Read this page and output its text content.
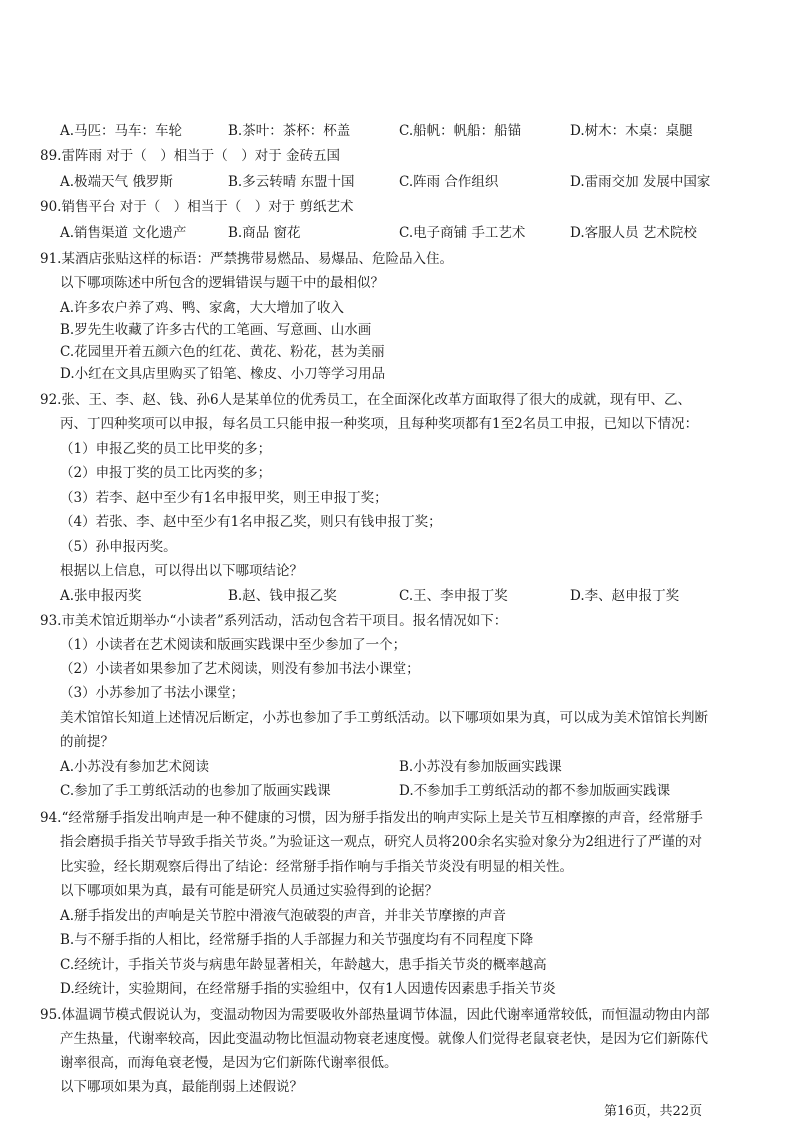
A.马匹：马车：车轮	B.茶叶：茶杯：杯盖	C.船帆：帆船：船锚	D.树木：木桌：桌腿
89.雷阵雨 对于（　）相当于（　）对于 金砖五国
A.极端天气 俄罗斯	B.多云转晴 东盟十国	C.阵雨 合作组织	D.雷雨交加 发展中国家
90.销售平台 对于（　）相当于（　）对于 剪纸艺术
A.销售渠道 文化遗产	B.商品 窗花	C.电子商铺 手工艺术	D.客服人员 艺术院校
91.某酒店张贴这样的标语：严禁携带易燃品、易爆品、危险品入住。
以下哪项陈述中所包含的逻辑错误与题干中的最相似？
A.许多农户养了鸡、鸭、家禽，大大增加了收入
B.罗先生收藏了许多古代的工笔画、写意画、山水画
C.花园里开着五颜六色的红花、黄花、粉花，甚为美丽
D.小红在文具店里购买了铅笔、橡皮、小刀等学习用品
92.张、王、李、赵、钱、孙6人是某单位的优秀员工，在全面深化改革方面取得了很大的成就，现有甲、乙、
丙、丁四种奖项可以申报，每名员工只能申报一种奖项，且每种奖项都有1至2名员工申报，已知以下情况：
（1）申报乙奖的员工比甲奖的多；
（2）申报丁奖的员工比丙奖的多；
（3）若李、赵中至少有1名申报甲奖，则王申报丁奖；
（4）若张、李、赵中至少有1名申报乙奖，则只有钱申报丁奖；
（5）孙申报丙奖。
根据以上信息，可以得出以下哪项结论？
A.张申报丙奖	B.赵、钱申报乙奖	C.王、李申报丁奖	D.李、赵申报丁奖
93.市美术馆近期举办“小读者”系列活动，活动包含若干项目。报名情况如下：
（1）小读者在艺术阅读和版画实践课中至少参加了一个；
（2）小读者如果参加了艺术阅读，则没有参加书法小课堂；
（3）小苏参加了书法小课堂；
美术馆馆长知道上述情况后断定，小苏也参加了手工剪纸活动。以下哪项如果为真，可以成为美术馆馆长判断
的前提？
A.小苏没有参加艺术阅读	B.小苏没有参加版画实践课
C.参加了手工剪纸活动的也参加了版画实践课	D.不参加手工剪纸活动的都不参加版画实践课
94.“经常掰手指发出响声是一种不健康的习惯，因为掰手指发出的响声实际上是关节互相摩擦的声音，经常掰手
指会磨损手指关节导致手指关节炎。”为验证这一观点，研究人员将200余名实验对象分为2组进行了严谨的对
比实验，经长期观察后得出了结论：经常掰手指作响与手指关节炎没有明显的相关性。
以下哪项如果为真，最有可能是研究人员通过实验得到的论据？
A.掰手指发出的声响是关节腔中滑液气泡破裂的声音，并非关节摩擦的声音
B.与不掰手指的人相比，经常掰手指的人手部握力和关节强度均有不同程度下降
C.经统计，手指关节炎与病患年龄显著相关，年龄越大，患手指关节炎的概率越高
D.经统计，实验期间，在经常掰手指的实验组中，仅有1人因遗传因素患手指关节炎
95.体温调节模式假说认为，变温动物因为需要吸收外部热量调节体温，因此代谢率通常较低，而恒温动物由内部
产生热量，代谢率较高，因此变温动物比恒温动物衰老速度慢。就像人们觉得老鼠衰老快，是因为它们新陈代
谢率很高，而海龟衰老慢，是因为它们新陈代谢率很低。
以下哪项如果为真，最能削弱上述假说？
第16页，共22页
